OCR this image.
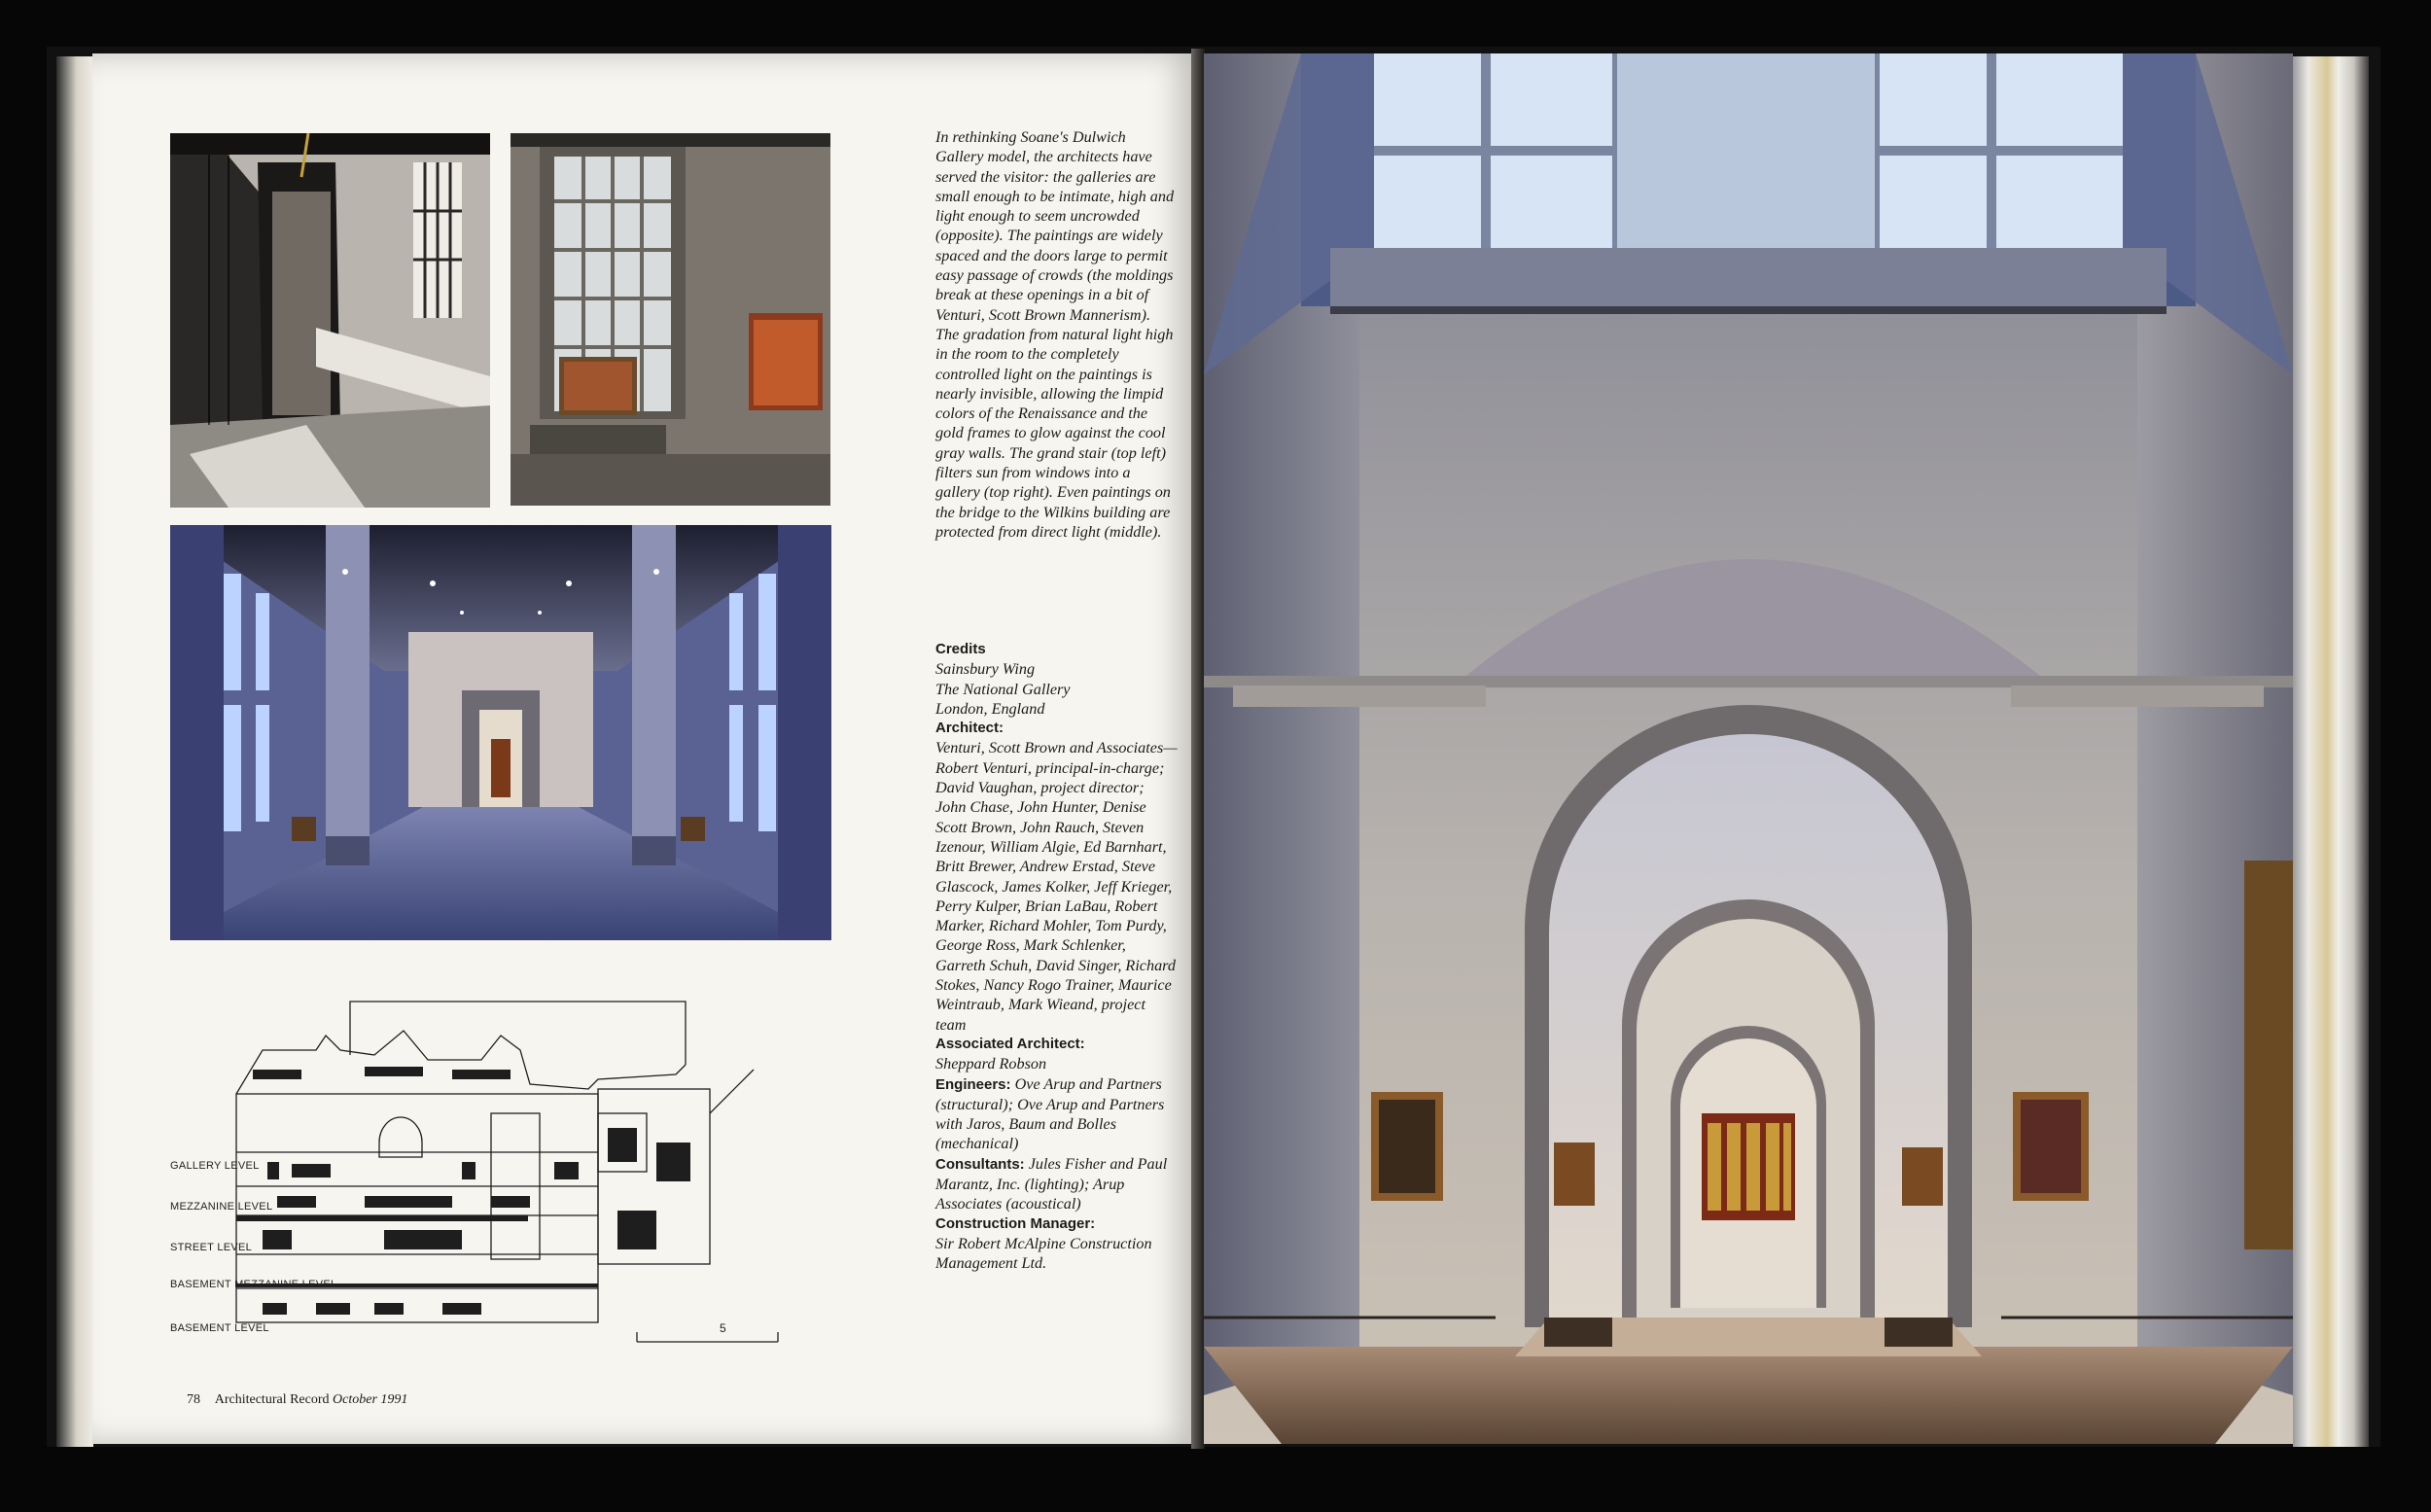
5
GALLERY LEVEL
MEZZANINE LEVEL
STREET LEVEL
BASEMENT MEZZANINE LEVEL
BASEMENT LEVEL

In rethinking Soane's Dulwich Gallery model, the architects have served the visitor: the galleries are small enough to be intimate, high and light enough to seem uncrowded (opposite). The paintings are widely spaced and the doors large to permit easy passage of crowds (the moldings break at these openings in a bit of Venturi, Scott Brown Mannerism). The gradation from natural light high in the room to the completely controlled light on the paintings is nearly invisible, allowing the limpid colors of the Renaissance and the gold frames to glow against the cool gray walls. The grand stair (top left) filters sun from windows into a gallery (top right). Even paintings on the bridge to the Wilkins building are protected from direct light (middle).

Credits
Sainsbury Wing
The National Gallery
London, England
Architect:
Venturi, Scott Brown and Associates—Robert Venturi, principal-in-charge; David Vaughan, project director; John Chase, John Hunter, Denise Scott Brown, John Rauch, Steven Izenour, William Algie, Ed Barnhart, Britt Brewer, Andrew Erstad, Steve Glascock, James Kolker, Jeff Krieger, Perry Kulper, Brian LaBau, Robert Marker, Richard Mohler, Tom Purdy, George Ross, Mark Schlenker, Garreth Schuh, David Singer, Richard Stokes, Nancy Rogo Trainer, Maurice Weintraub, Mark Wieand, project team
Associated Architect:
Sheppard Robson
Engineers: Ove Arup and Partners (structural); Ove Arup and Partners with Jaros, Baum and Bolles (mechanical)
Consultants: Jules Fisher and Paul Marantz, Inc. (lighting); Arup Associates (acoustical)
Construction Manager:
Sir Robert McAlpine Construction Management Ltd.
78 Architectural Record October 1991
